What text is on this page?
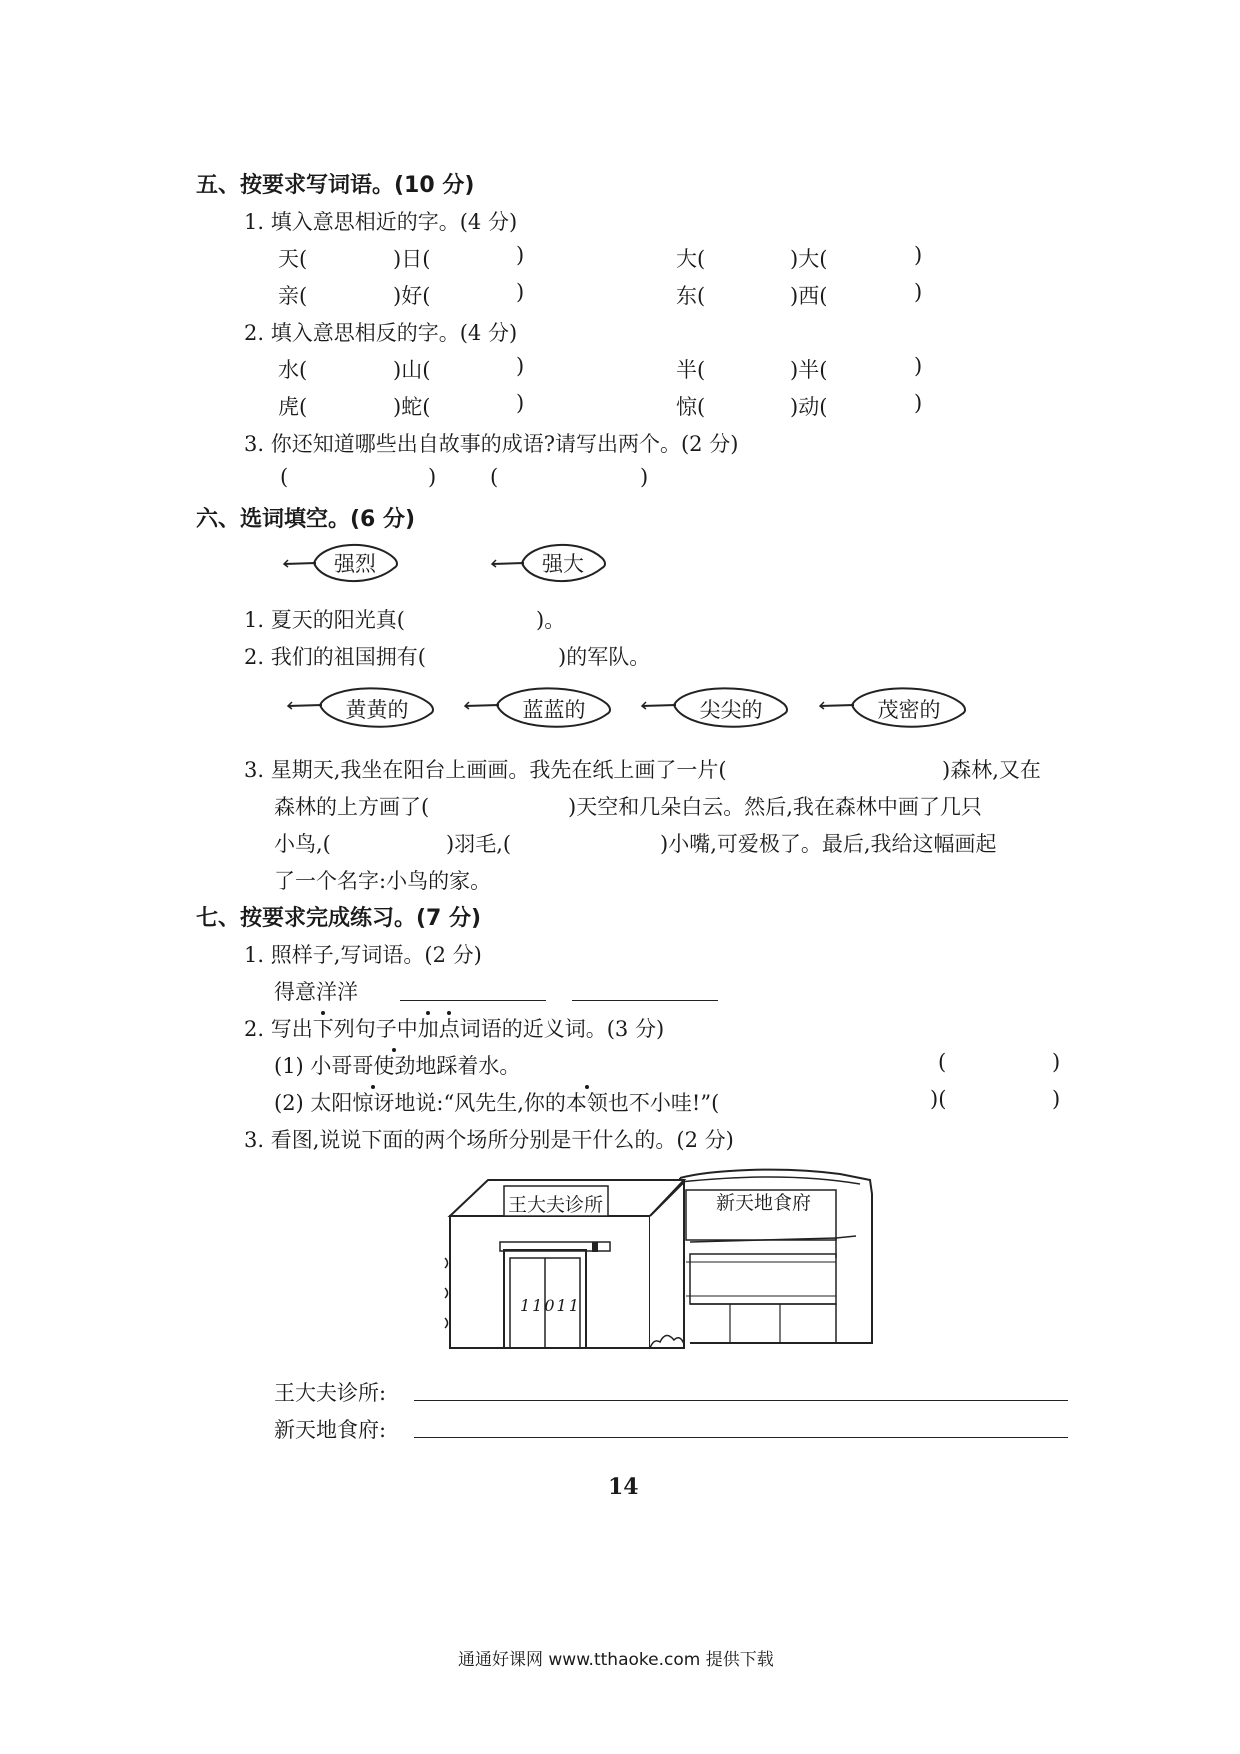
五、按要求写词语。(10 分)
1. 填入意思相近的字。(4 分)
天(	)日(	)	大(	)大(	)
亲(	)好(	)	东(	)西(	)
2. 填入意思相反的字。(4 分)
水(	)山(	)	半(	)半(	)
虎(	)蛇(	)	惊(	)动(	)
3. 你还知道哪些出自故事的成语?请写出两个。(2 分)
(	)	(	)
六、选词填空。(6 分)
强烈	强大
1. 夏天的阳光真(	)。
2. 我们的祖国拥有(	)的军队。
黄黄的	蓝蓝的	尖尖的	茂密的
3. 星期天,我坐在阳台上画画。我先在纸上画了一片(	)森林,又在
森林的上方画了(	)天空和几朵白云。然后,我在森林中画了几只
小鸟,(	)羽毛,(	)小嘴,可爱极了。最后,我给这幅画起
了一个名字:小鸟的家。
七、按要求完成练习。(7 分)
1. 照样子,写词语。(2 分)
得意洋洋
2. 写出下列句子中加点词语的近义词。(3 分)
(1) 小哥哥使劲地踩着水。	(	)
(2) 太阳惊讶地说:“风先生,你的本领也不小哇!”(	)(	)
3. 看图,说说下面的两个场所分别是干什么的。(2 分)
王大夫诊所	新天地食府
11011
王大夫诊所:
新天地食府:
14
通通好课网 www.tthaoke.com 提供下载
